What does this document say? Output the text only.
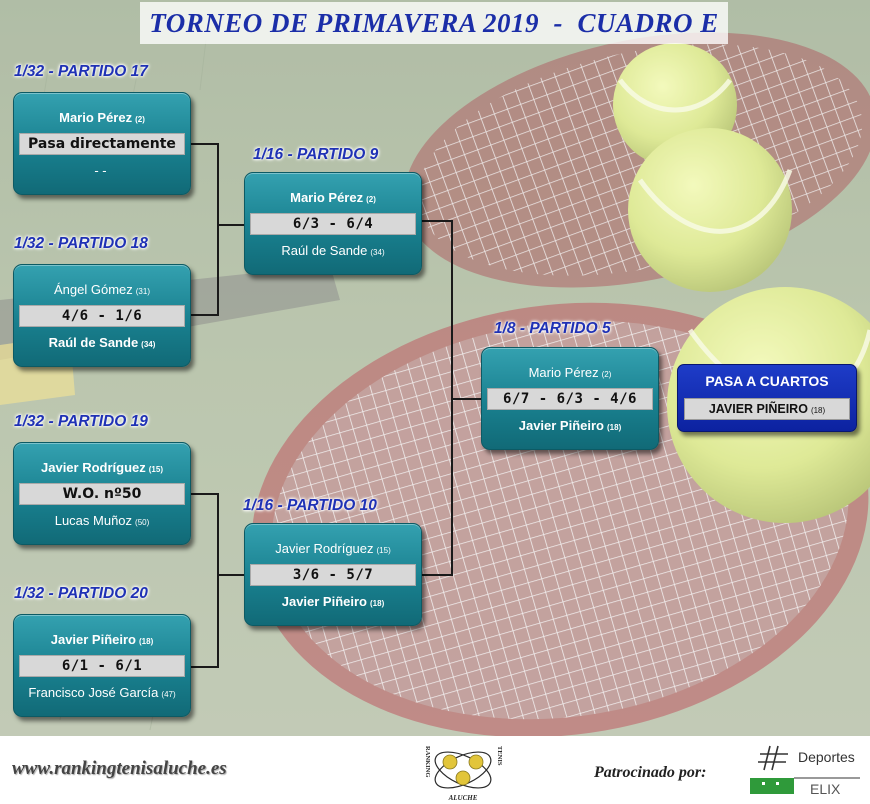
TORNEO DE PRIMAVERA 2019  -  CUADRO E
1/32 - PARTIDO 17
1/32 - PARTIDO 18
1/32 - PARTIDO 19
1/32 - PARTIDO 20
1/16 - PARTIDO 9
1/16 - PARTIDO 10
1/8 - PARTIDO 5
Mario Pérez (2)
Pasa directamente
- -
Ángel Gómez (31)
4/6 - 1/6
Raúl de Sande (34)
Javier Rodríguez (15)
W.O. nº50
Lucas Muñoz (50)
Javier Piñeiro (18)
6/1 - 6/1
Francisco José García (47)
Mario Pérez (2)
6/3 - 6/4
Raúl de Sande (34)
Javier Rodríguez (15)
3/6 - 5/7
Javier Piñeiro (18)
Mario Pérez (2)
6/7 - 6/3 - 4/6
Javier Piñeiro (18)
PASA A CUARTOS
JAVIER PIÑEIRO (18)
www.rankingtenisaluche.es	RANKING	TENIS
ALUCHE
Patrocinado por:
Deportes
ELIX
